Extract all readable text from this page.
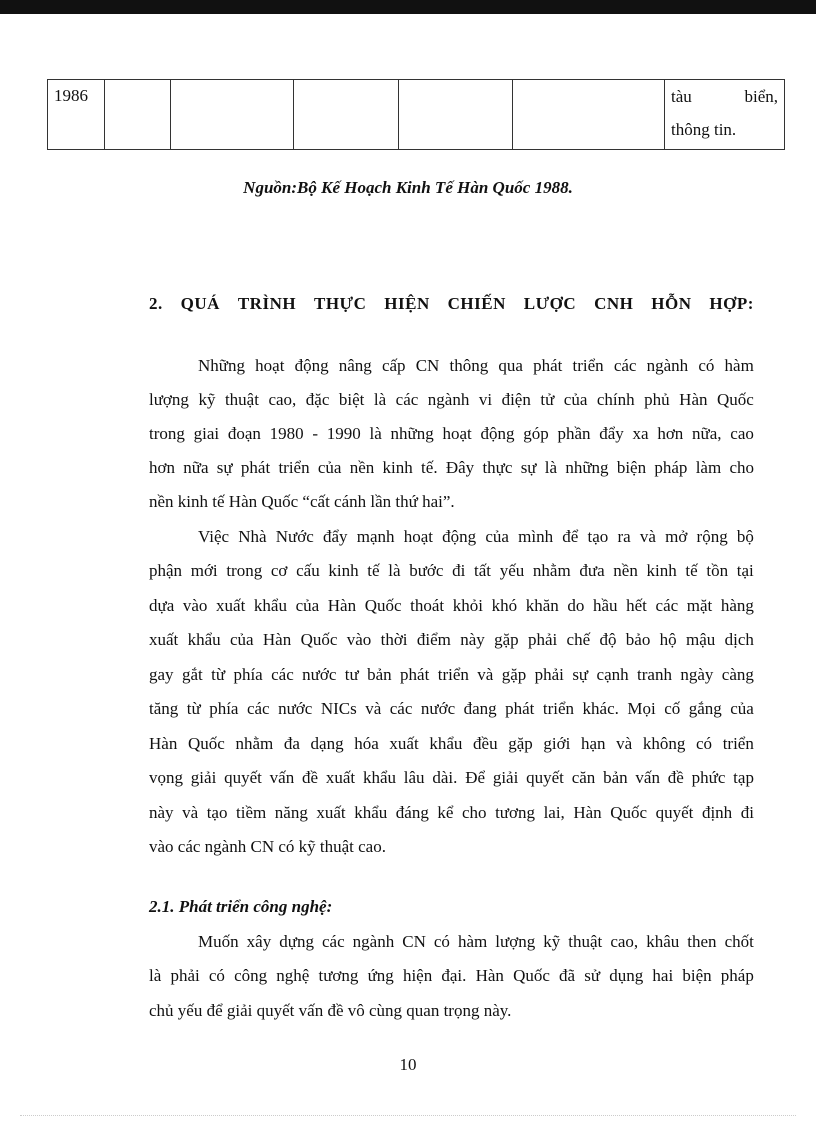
1986						tàu	biển,
thông tin.
Nguồn:Bộ Kế Hoạch Kinh Tế Hàn Quốc 1988.
2. QUÁ TRÌNH THỰC HIỆN CHIẾN LƯỢC CNH HỖN HỢP:
Những hoạt động nâng cấp CN thông qua phát triển các ngành có hàm
lượng kỹ thuật cao, đặc biệt là các ngành vi điện tử của chính phủ Hàn Quốc
trong giai đoạn 1980 - 1990 là những hoạt động góp phần đẩy xa hơn nữa, cao
hơn nữa sự phát triển của nền kinh tế. Đây thực sự là những biện pháp làm cho
nền kinh tế Hàn Quốc “cất cánh lần thứ hai”.
Việc Nhà Nước đẩy mạnh hoạt động của mình để tạo ra và mở rộng bộ
phận mới trong cơ cấu kinh tế là bước đi tất yếu nhằm đưa nền kinh tế tồn tại
dựa vào xuất khẩu của Hàn Quốc thoát khỏi khó khăn do hầu hết các mặt hàng
xuất khẩu của Hàn Quốc vào thời điểm này gặp phải chế độ bảo hộ mậu dịch
gay gắt từ phía các nước tư bản phát triển và gặp phải sự cạnh tranh ngày càng
tăng từ phía các nước NICs và các nước đang phát triển khác. Mọi cố gắng của
Hàn Quốc nhằm đa dạng hóa xuất khẩu đều gặp giới hạn và không có triển
vọng giải quyết vấn đề xuất khẩu lâu dài. Để giải quyết căn bản vấn đề phức tạp
này và tạo tiềm năng xuất khẩu đáng kể cho tương lai, Hàn Quốc quyết định đi
vào các ngành CN có kỹ thuật cao.
2.1. Phát triển công nghệ:
Muốn xây dựng các ngành CN có hàm lượng kỹ thuật cao, khâu then chốt
là phải có công nghệ tương ứng hiện đại. Hàn Quốc đã sử dụng hai biện pháp
chủ yếu để giải quyết vấn đề vô cùng quan trọng này.
10
